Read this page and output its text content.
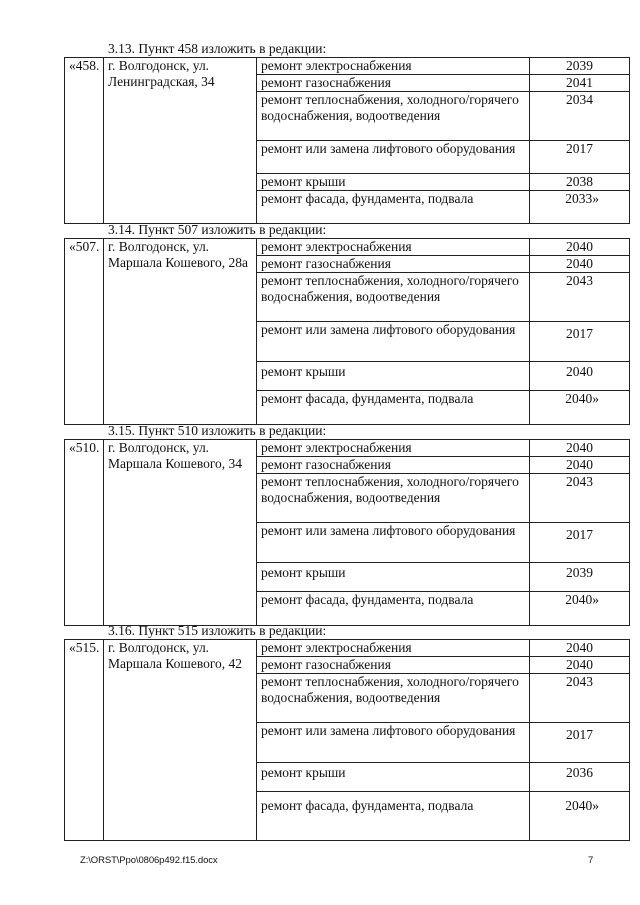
3.13. Пункт 458 изложить в редакции:
«458.	г. Волгодонск, ул. Ленинградская, 34	ремонт электроснабжения	2039
		ремонт газоснабжения	2041
		ремонт теплоснабжения, холодного/горячего водоснабжения, водоотведения	2034
		ремонт или замена лифтового оборудования	2017
		ремонт крыши	2038
		ремонт фасада, фундамента, подвала	2033»
3.14. Пункт 507 изложить в редакции:
«507.	г. Волгодонск, ул. Маршала Кошевого, 28а	ремонт электроснабжения	2040
		ремонт газоснабжения	2040
		ремонт теплоснабжения, холодного/горячего водоснабжения, водоотведения	2043
		ремонт или замена лифтового оборудования	2017
		ремонт крыши	2040
		ремонт фасада, фундамента, подвала	2040»
3.15. Пункт 510 изложить в редакции:
«510.	г. Волгодонск, ул. Маршала Кошевого, 34	ремонт электроснабжения	2040
		ремонт газоснабжения	2040
		ремонт теплоснабжения, холодного/горячего водоснабжения, водоотведения	2043
		ремонт или замена лифтового оборудования	2017
		ремонт крыши	2039
		ремонт фасада, фундамента, подвала	2040»
3.16. Пункт 515 изложить в редакции:
«515.	г. Волгодонск, ул. Маршала Кошевого, 42	ремонт электроснабжения	2040
		ремонт газоснабжения	2040
		ремонт теплоснабжения, холодного/горячего водоснабжения, водоотведения	2043
		ремонт или замена лифтового оборудования	2017
		ремонт крыши	2036
		ремонт фасада, фундамента, подвала	2040»
Z:\ORST\Ppo\0806p492.f15.docx	7
